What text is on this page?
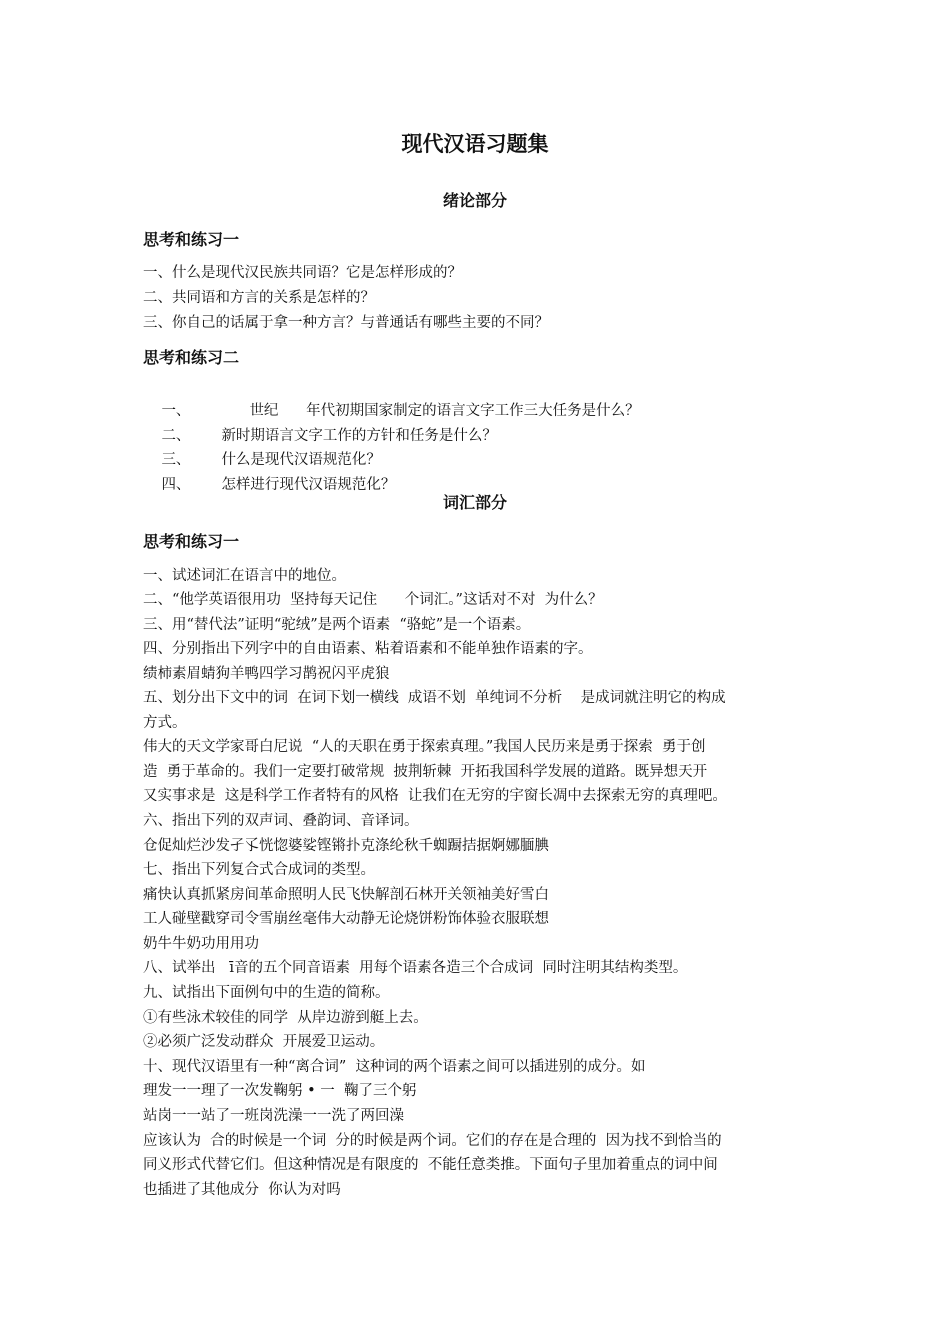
现代汉语习题集
绪论部分
思考和练习一
一、什么是现代汉民族共同语？它是怎样形成的？
二、共同语和方言的关系是怎样的？
三、你自己的话属于拿一种方言？与普通话有哪些主要的不同？
思考和练习二

一、	世纪      年代初期国家制定的语言文字工作三大任务是什么？

二、 新时期语言文字工作的方针和任务是什么？

三、 什么是现代汉语规范化？

四、 怎样进行现代汉语规范化？

词汇部分
思考和练习一
一、试述词汇在语言中的地位。
二、“他学英语很用功  坚持每天记住      个词汇。”这话对不对  为什么？
三、用“替代法”证明“驼绒”是两个语素  “骆蛇”是一个语素。
四、分别指出下列字中的自由语素、粘着语素和不能单独作语素的字。
绩柿素眉蜻狗羊鸭四学习鹊祝闪平虎狼
五、划分出下文中的词  在词下划一横线  成语不划  单纯词不分析    是成词就注明它的构成
方式。
伟大的天文学家哥白尼说  “人的天职在勇于探索真理。”我国人民历来是勇于探索  勇于创
造  勇于革命的。我们一定要打破常规  披荆斩棘  开拓我国科学发展的道路。既异想天开
又实事求是  这是科学工作者特有的风格  让我们在无穷的宇窗长凋中去探索无穷的真理吧。
六、指出下列的双声词、叠韵词、音译词。
仓促灿烂沙发孑孓恍惚婆娑铿锵扑克涤纶秋千蜘蹰拮据婀娜腼腆
七、指出下列复合式合成词的类型。
痛快认真抓紧房间革命照明人民飞快解剖石林开关领袖美好雪白
工人碰壁戳穿司令雪崩丝毫伟大动静无论烧饼粉饰体验衣服联想
奶牛牛奶功用用功
八、试举出   ī音的五个同音语素  用每个语素各造三个合成词  同时注明其结构类型。
九、试指出下面例句中的生造的简称。
①有些泳术较佳的同学  从岸边游到艇上去。
②必须广泛发动群众  开展爱卫运动。
十、现代汉语里有一种“离合词”  这种词的两个语素之间可以插进别的成分。如
理发一一理了一次发鞠躬 • 一  鞠了三个躬
站岗一一站了一班岗洗澡一一洗了两回澡
应该认为  合的时候是一个词  分的时候是两个词。它们的存在是合理的  因为找不到恰当的
同义形式代替它们。但这种情况是有限度的  不能任意类推。下面句子里加着重点的词中间
也插进了其他成分  你认为对吗
